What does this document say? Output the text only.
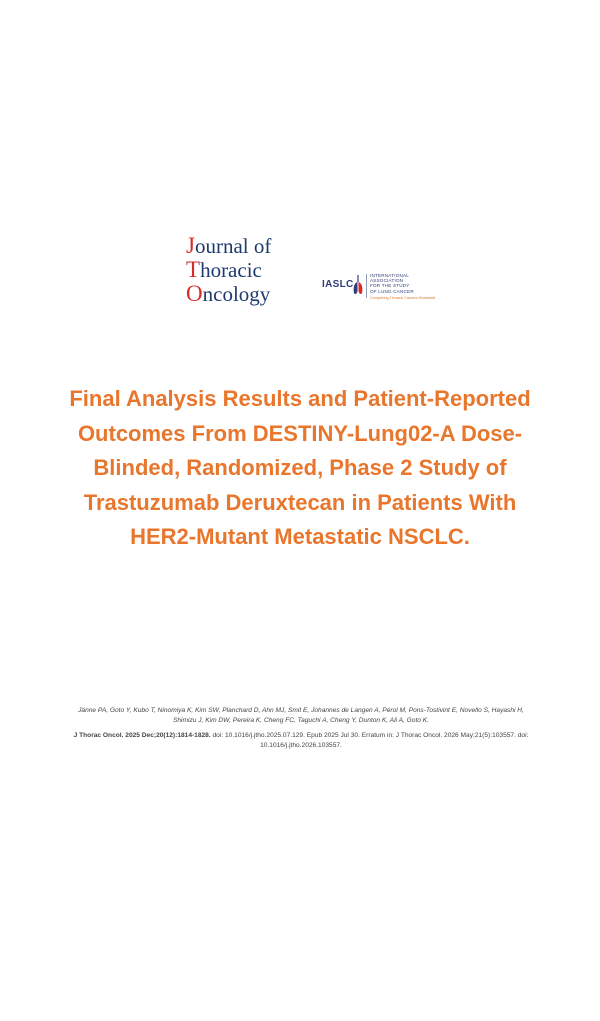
Journal of
Thoracic
Oncology	IASLC
INTERNATIONAL
ASSOCIATION
FOR THE STUDY
OF LUNG CANCER
Conquering Thoracic Cancers Worldwide
Final Analysis Results and Patient-Reported Outcomes From DESTINY-Lung02-A Dose-Blinded, Randomized, Phase 2 Study of Trastuzumab Deruxtecan in Patients With HER2-Mutant Metastatic NSCLC.

Jänne PA, Goto Y, Kubo T, Ninomiya K, Kim SW, Planchard D, Ahn MJ, Smit E, Johannes de Langen A, Pérol M, Pons-Tostivint E, Novello S, Hayashi H, Shimizu J, Kim DW, Pereira K, Cheng FC, Taguchi A, Cheng Y, Dunton K, Ali A, Goto K.

J Thorac Oncol. 2025 Dec;20(12):1814-1828. doi: 10.1016/j.jtho.2025.07.129. Epub 2025 Jul 30. Erratum in: J Thorac Oncol. 2026 May;21(5):103557. doi: 10.1016/j.jtho.2026.103557.
